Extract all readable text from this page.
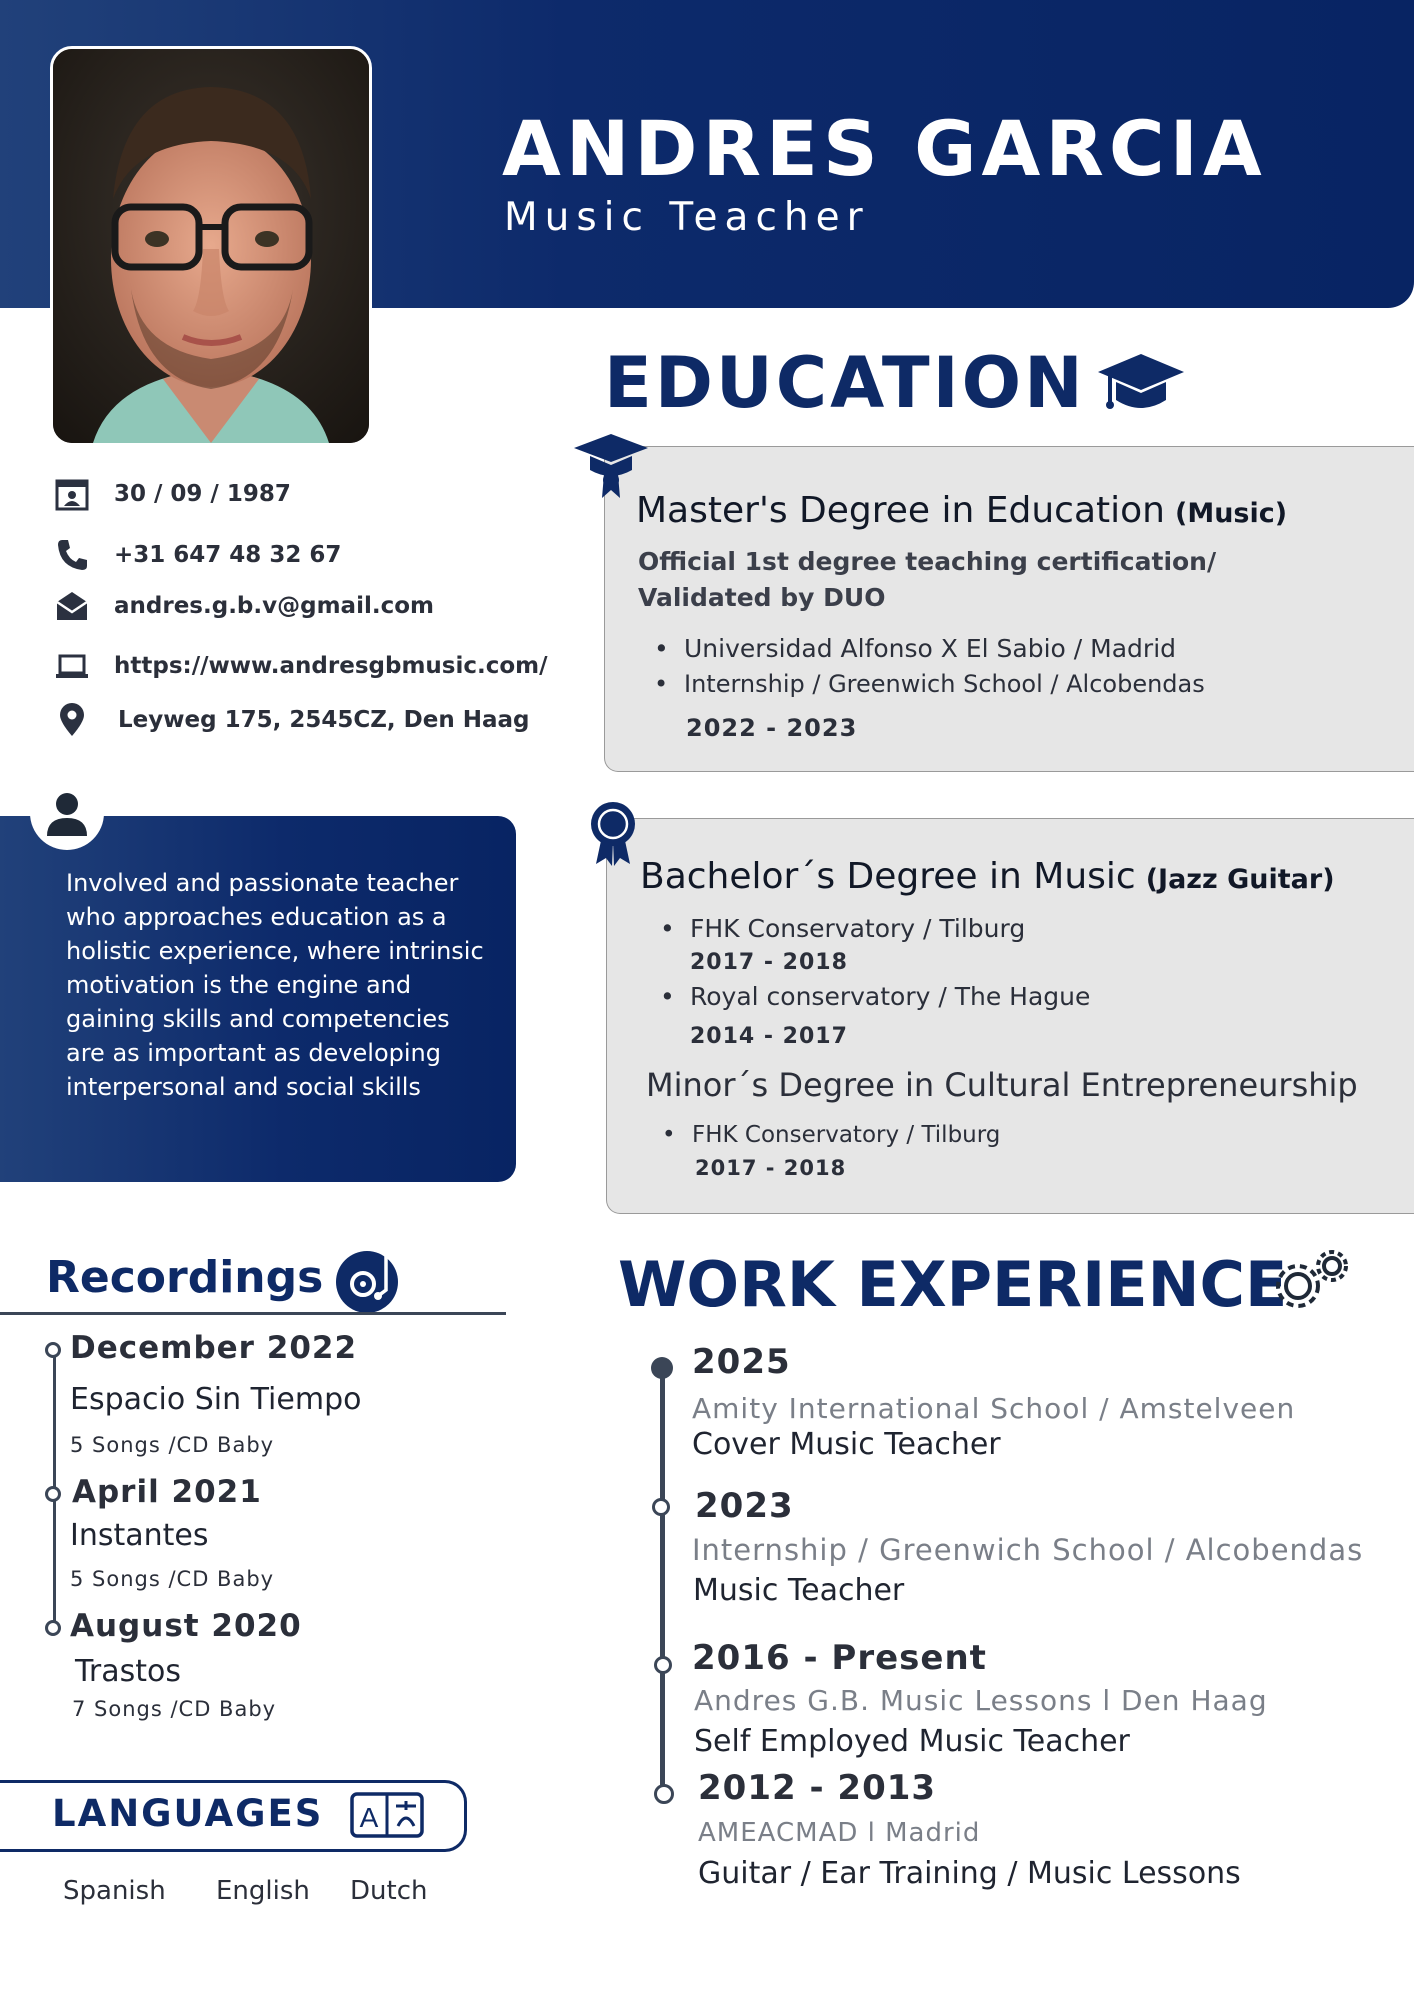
ANDRES GARCIA
Music Teacher
30 / 09 / 1987
+31 647 48 32 67
andres.g.b.v@gmail.com
https://www.andresgbmusic.com/
Leyweg 175, 2545CZ, Den Haag
Involved and passionate teacher who approaches education as a holistic experience, where intrinsic motivation is the engine and gaining skills and competencies are as important as developing interpersonal and social skills
Recordings
December 2022
Espacio Sin Tiempo
5 Songs /CD Baby
April 2021
Instantes
5 Songs /CD Baby
August 2020
Trastos
7 Songs /CD Baby
LANGUAGES A
Spanish English Dutch
EDUCATION
Master's Degree in Education (Music)
Official 1st degree teaching certification/ Validated by DUO
• Universidad Alfonso X El Sabio / Madrid
• Internship / Greenwich School / Alcobendas
2022 - 2023
Bachelor´s Degree in Music (Jazz Guitar)
• FHK Conservatory / Tilburg
2017 - 2018
• Royal conservatory / The Hague
2014 - 2017
Minor´s Degree in Cultural Entrepreneurship
• FHK Conservatory / Tilburg
2017 - 2018
WORK EXPERIENCE
2025
Amity International School / Amstelveen
Cover Music Teacher
2023
Internship / Greenwich School / Alcobendas
Music Teacher
2016 - Present
Andres G.B. Music Lessons l Den Haag
Self Employed Music Teacher
2012 - 2013
AMEACMAD l Madrid
Guitar / Ear Training / Music Lessons
